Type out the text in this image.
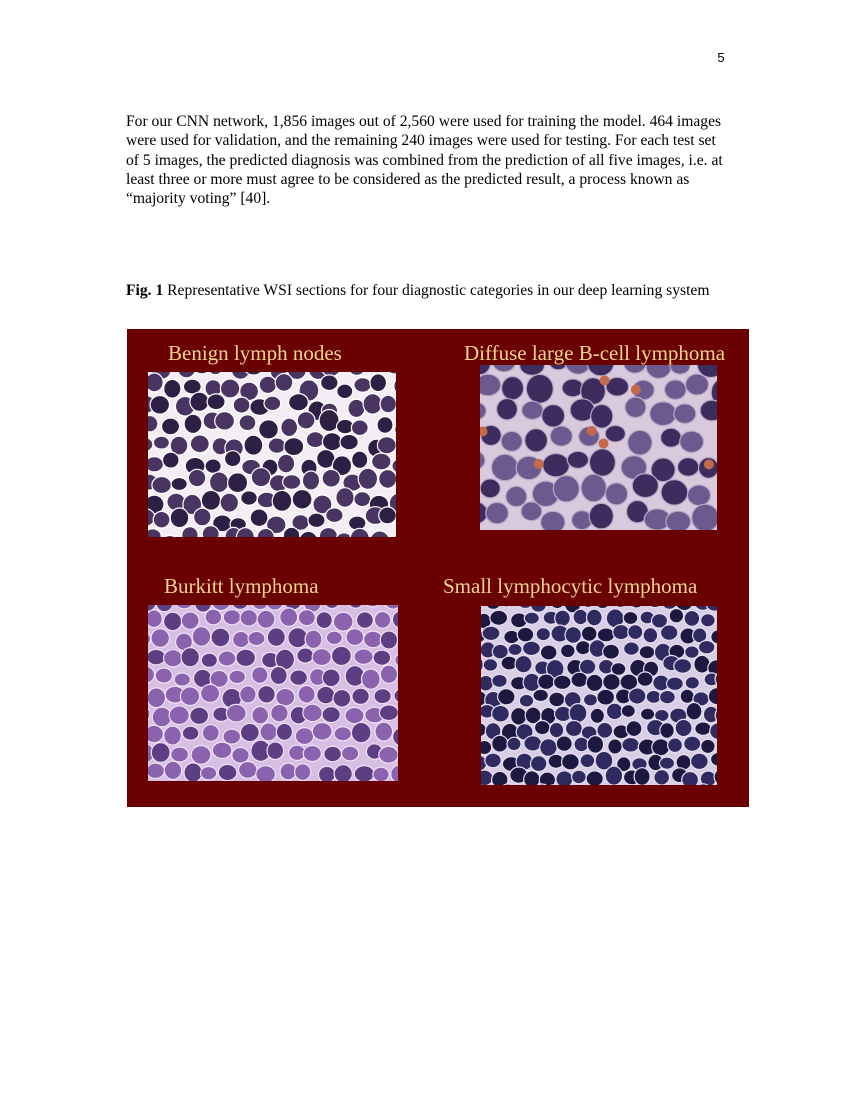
5

For our CNN network, 1,856 images out of 2,560 were used for training the model. 464 images were used for validation, and the remaining 240 images were used for testing. For each test set of 5 images, the predicted diagnosis was combined from the prediction of all five images, i.e. at least three or more must agree to be considered as the predicted result, a process known as “majority voting” [40].

Fig. 1 Representative WSI sections for four diagnostic categories in our deep learning system

Benign lymph nodes	Diffuse large B-cell lymphoma
Burkitt lymphoma	Small lymphocytic lymphoma
